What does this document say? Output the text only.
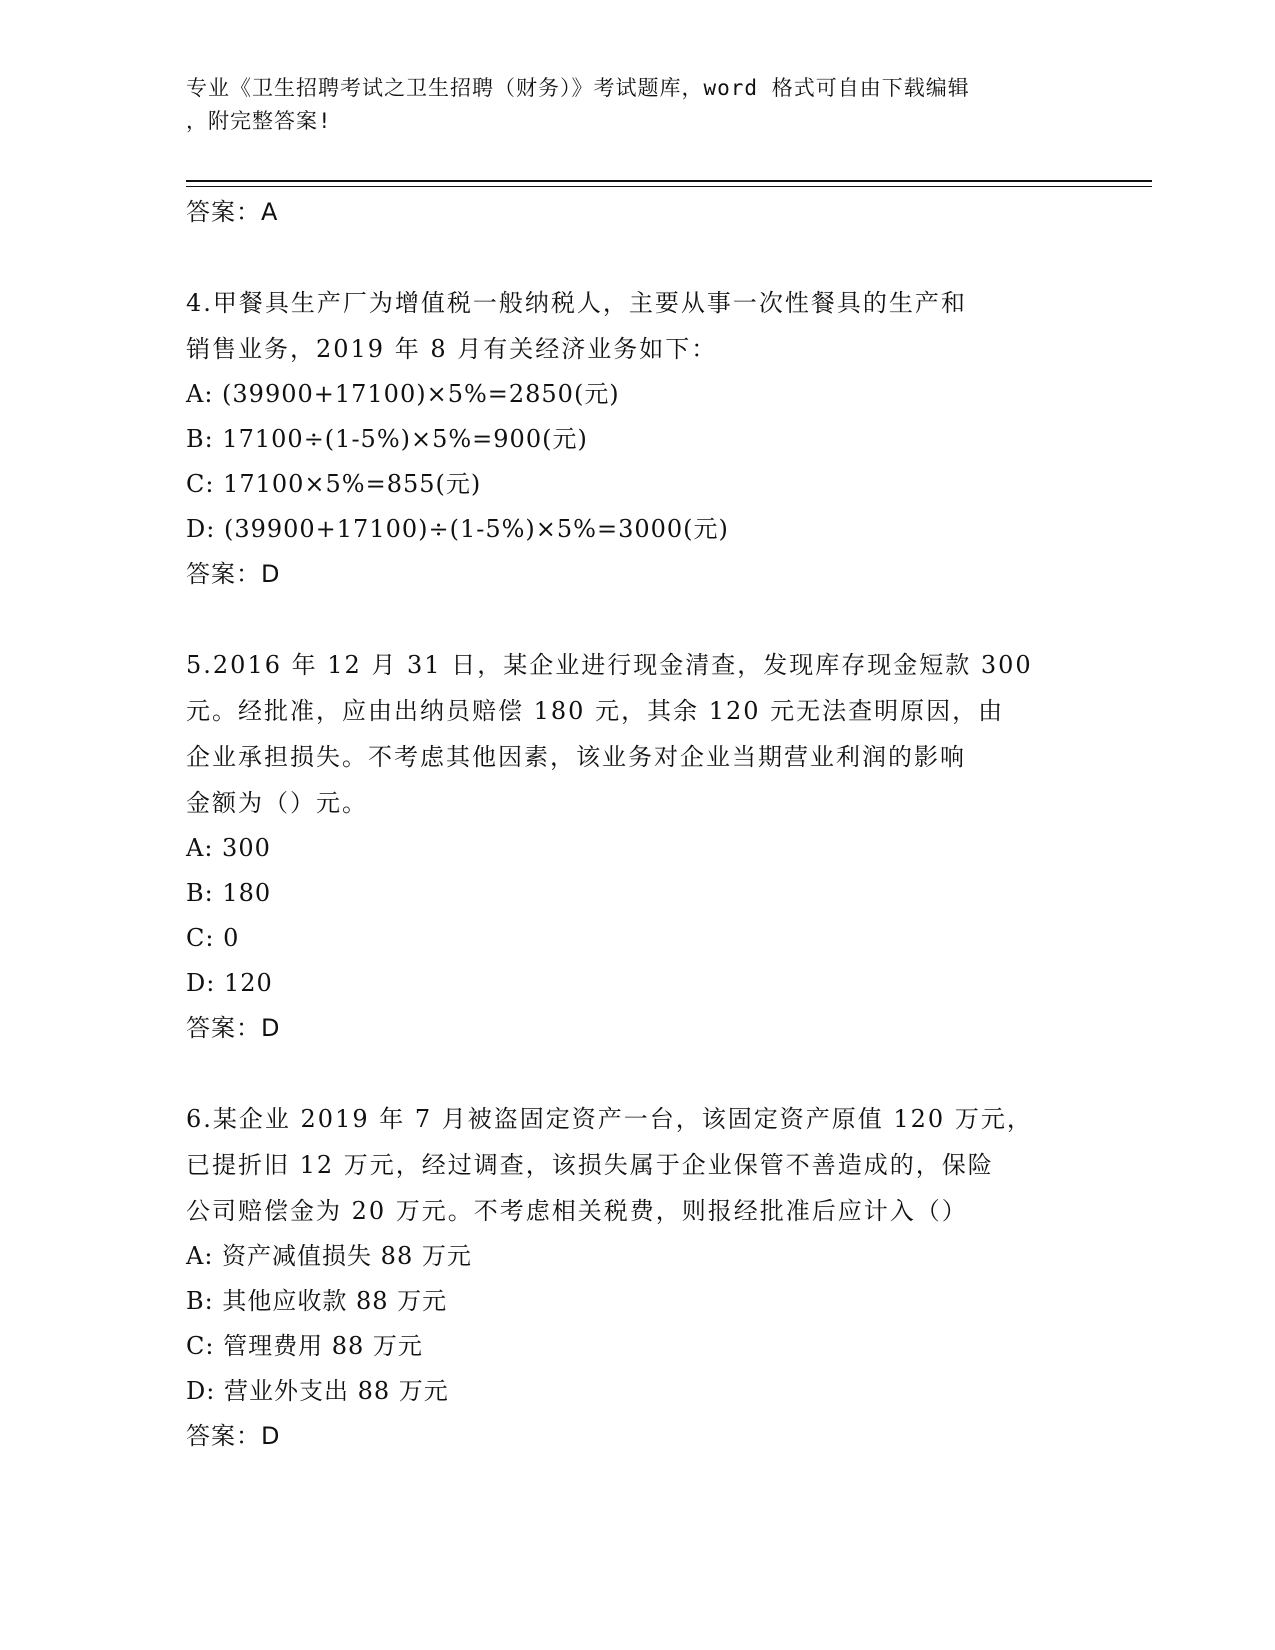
专业《卫生招聘考试之卫生招聘（财务）》考试题库，word 格式可自由下载编辑
，附完整答案!
答案：A
4.甲餐具生产厂为增值税一般纳税人，主要从事一次性餐具的生产和
销售业务，2019 年 8 月有关经济业务如下：
A: (39900+17100)×5%=2850(元)
B: 17100÷(1-5%)×5%=900(元)
C: 17100×5%=855(元)
D: (39900+17100)÷(1-5%)×5%=3000(元)
答案：D
5.2016 年 12 月 31 日，某企业进行现金清查，发现库存现金短款 300
元。经批准，应由出纳员赔偿 180 元，其余 120 元无法查明原因，由
企业承担损失。不考虑其他因素，该业务对企业当期营业利润的影响
金额为（）元。
A: 300
B: 180
C: 0
D: 120
答案：D
6.某企业 2019 年 7 月被盗固定资产一台，该固定资产原值 120 万元，
已提折旧 12 万元，经过调查，该损失属于企业保管不善造成的，保险
公司赔偿金为 20 万元。不考虑相关税费，则报经批准后应计入（）
A: 资产减值损失 88 万元
B: 其他应收款 88 万元
C: 管理费用 88 万元
D: 营业外支出 88 万元
答案：D
